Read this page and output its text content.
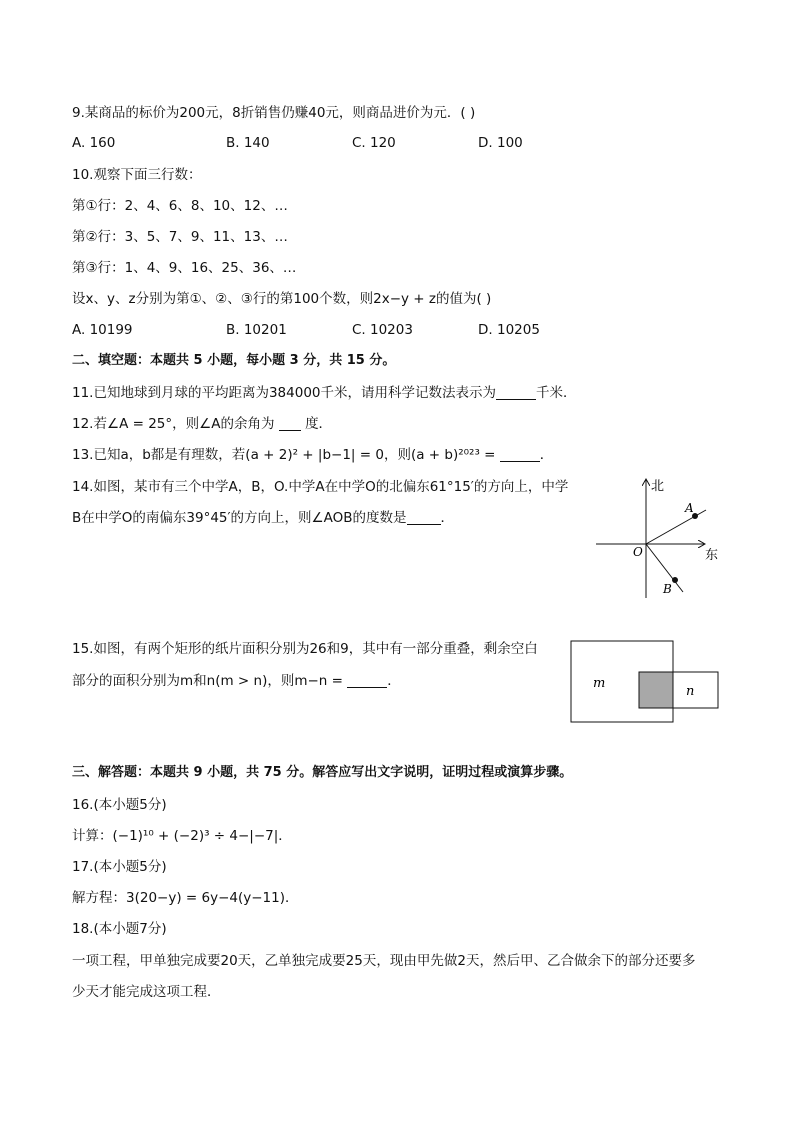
9.某商品的标价为200元，8折销售仍赚40元，则商品进价为元．( )
A. 160	B. 140	C. 120	D. 100
10.观察下面三行数：
第①行：2、4、6、8、10、12、…
第②行：3、5、7、9、11、13、…
第③行：1、4、9、16、25、36、…
设x、y、z分别为第①、②、③行的第100个数，则2x−y + z的值为( )
A. 10199	B. 10201	C. 10203	D. 10205
二、填空题：本题共 5 小题，每小题 3 分，共 15 分。
11.已知地球到月球的平均距离为384000千米，请用科学记数法表示为	千米．
12.若∠A = 25°，则∠A的余角为 度．
13.已知a，b都是有理数，若(a + 2)² + |b−1| = 0，则(a + b)²⁰²³ =	．
14.如图，某市有三个中学A，B，O.中学A在中学O的北偏东61°15′的方向上，中学
B在中学O的南偏东39°45′的方向上，则∠AOB的度数是	．
北
东
O
A
B
15.如图，有两个矩形的纸片面积分别为26和9，其中有一部分重叠，剩余空白
部分的面积分别为m和n(m > n)，则m−n =	．	m
n
三、解答题：本题共 9 小题，共 75 分。解答应写出文字说明，证明过程或演算步骤。
16.(本小题5分)
计算：(−1)¹⁰ + (−2)³ ÷ 4−|−7|．
17.(本小题5分)
解方程：3(20−y) = 6y−4(y−11)．
18.(本小题7分)
一项工程，甲单独完成要20天，乙单独完成要25天，现由甲先做2天，然后甲、乙合做余下的部分还要多
少天才能完成这项工程．
